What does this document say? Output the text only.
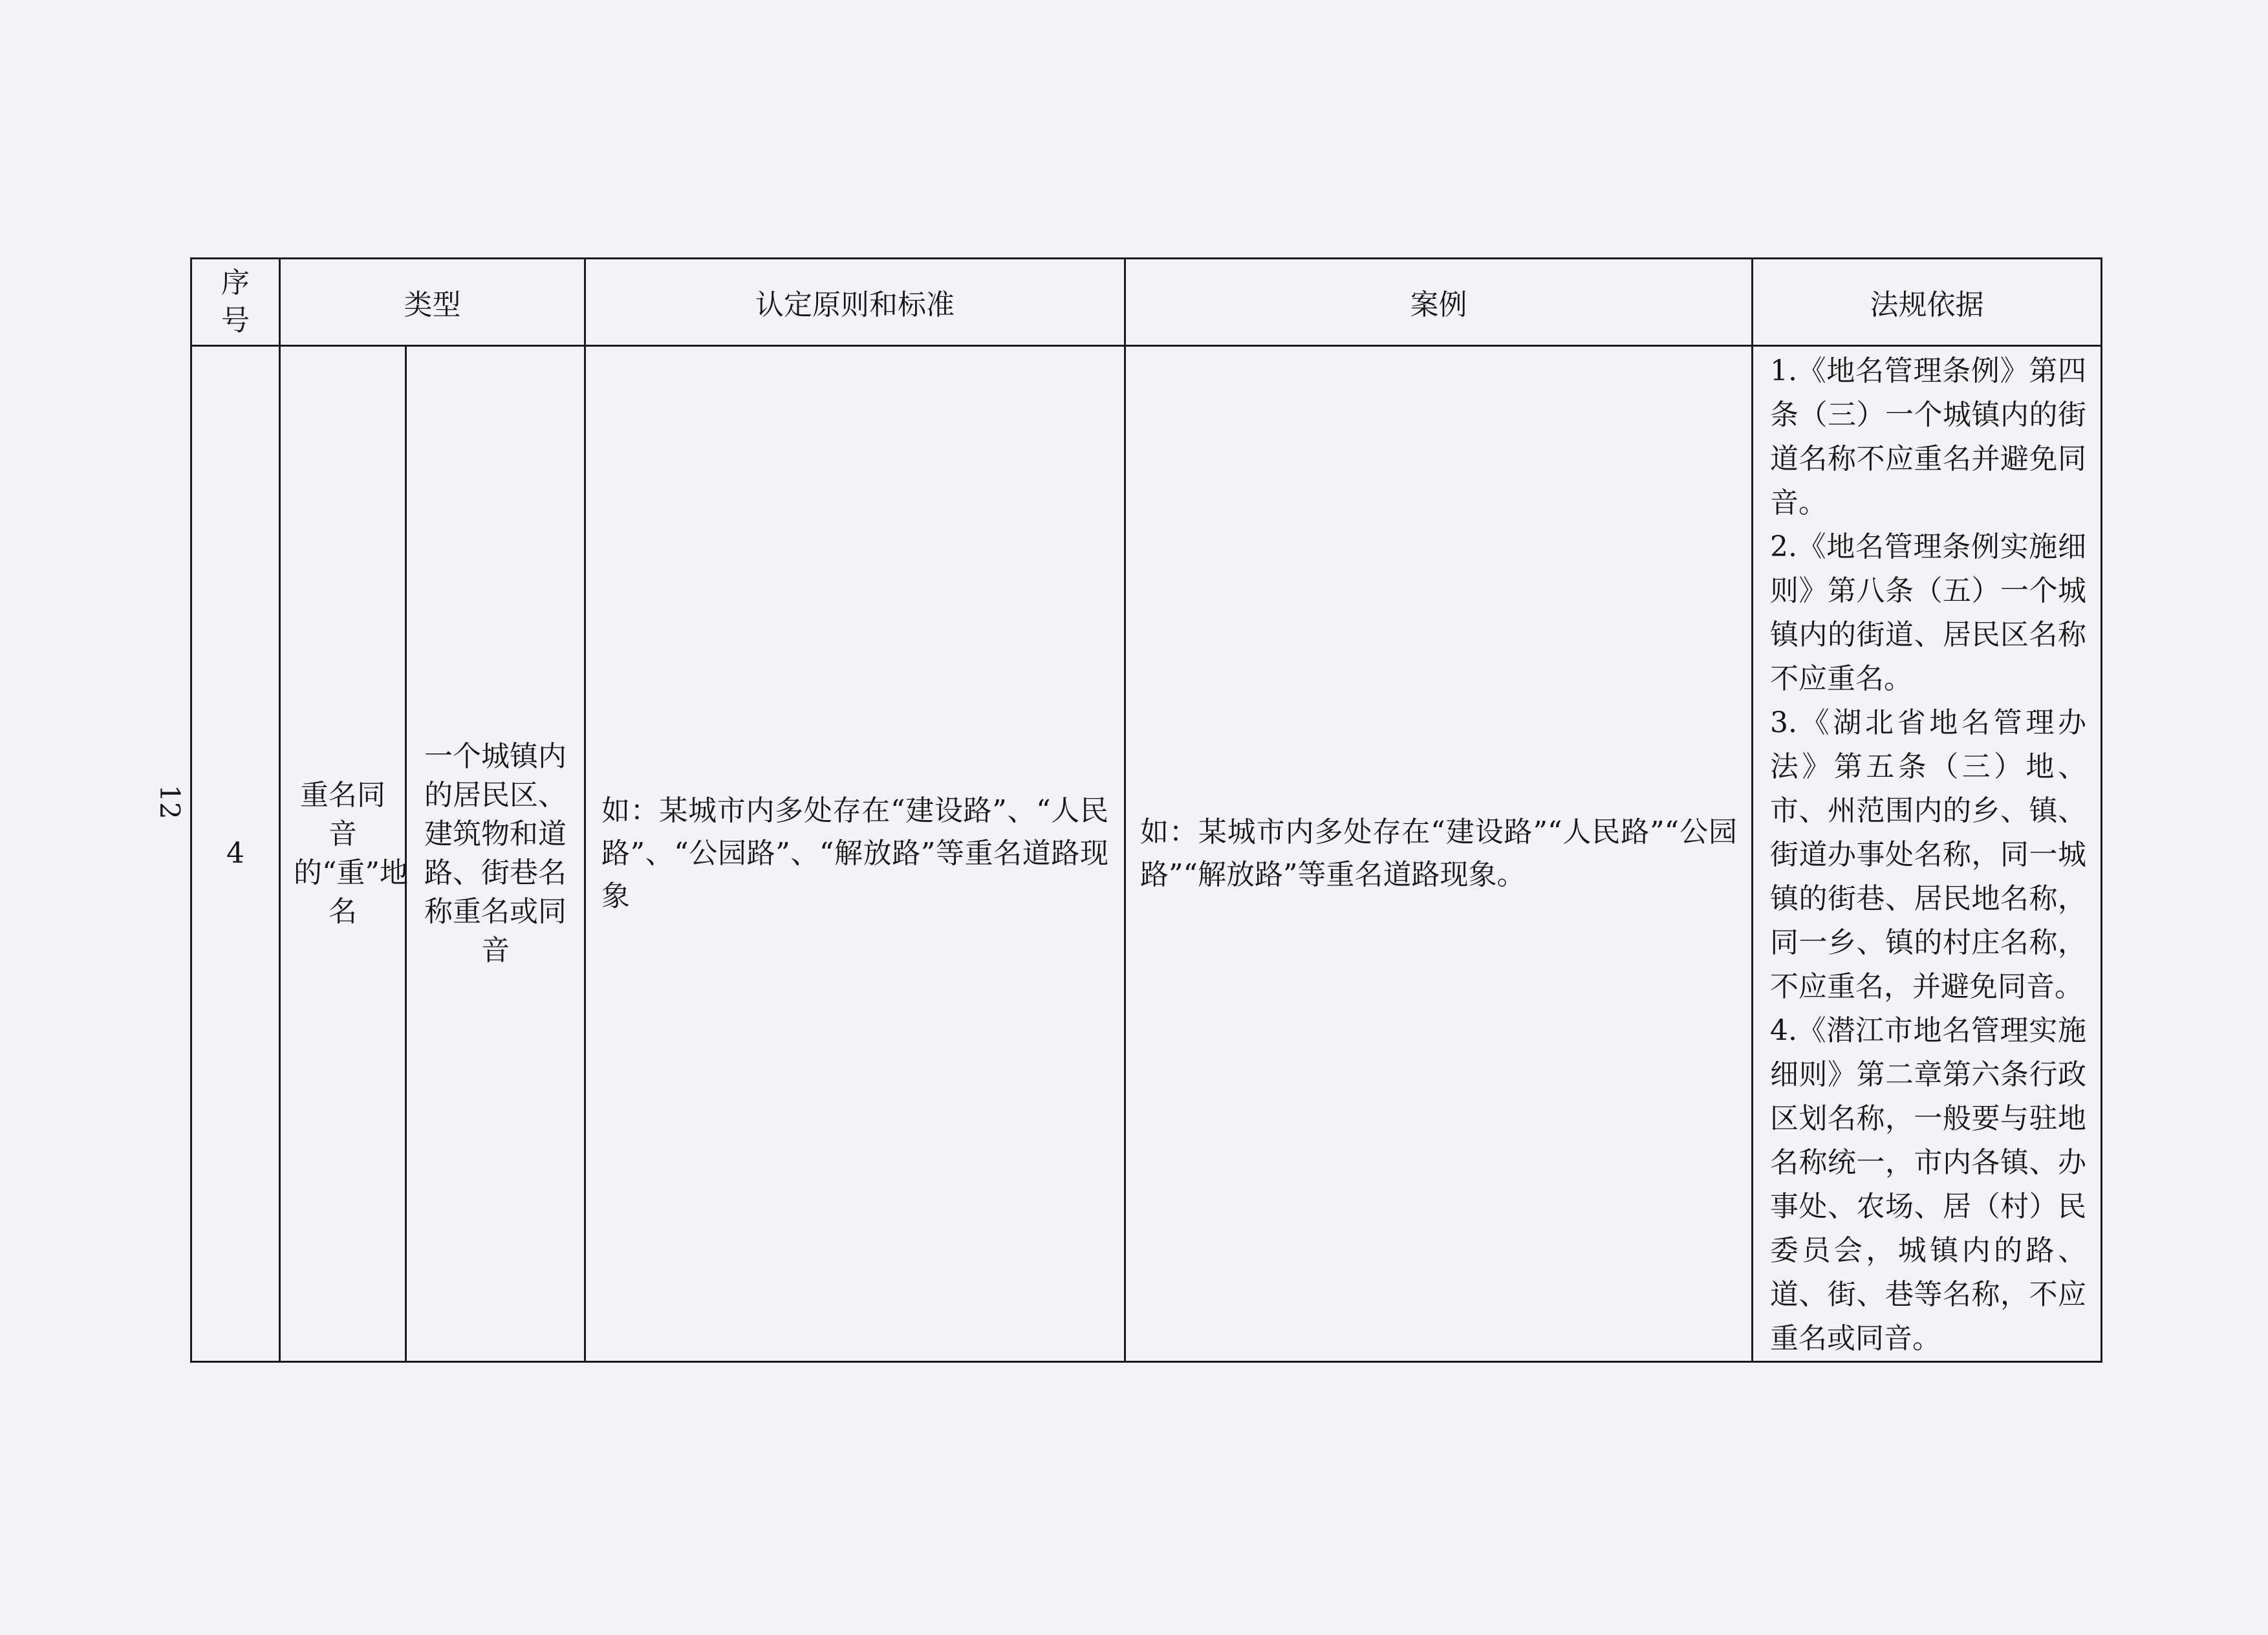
12
序
号	类型		认定原则和标准	案例	法规依据
4	重名同音的“重”地名	一个城镇内的居民区、建筑物和道路、街巷名称重名或同音	如：某城市内多处存在“建设路”、“人民路”、“公园路”、“解放路”等重名道路现象	如：某城市内多处存在“建设路”“人民路”“公园路”“解放路”等重名道路现象。	1.《地名管理条例》第四条（三）一个城镇内的街道名称不应重名并避免同音。
2.《地名管理条例实施细则》第八条（五）一个城镇内的街道、居民区名称不应重名。
3.《湖北省地名管理办法》第五条（三）地、市、州范围内的乡、镇、街道办事处名称，同一城镇的街巷、居民地名称，同一乡、镇的村庄名称，不应重名，并避免同音。
4.《潜江市地名管理实施细则》第二章第六条行政区划名称，一般要与驻地名称统一，市内各镇、办事处、农场、居（村）民委员会，城镇内的路、道、街、巷等名称，不应重名或同音。
